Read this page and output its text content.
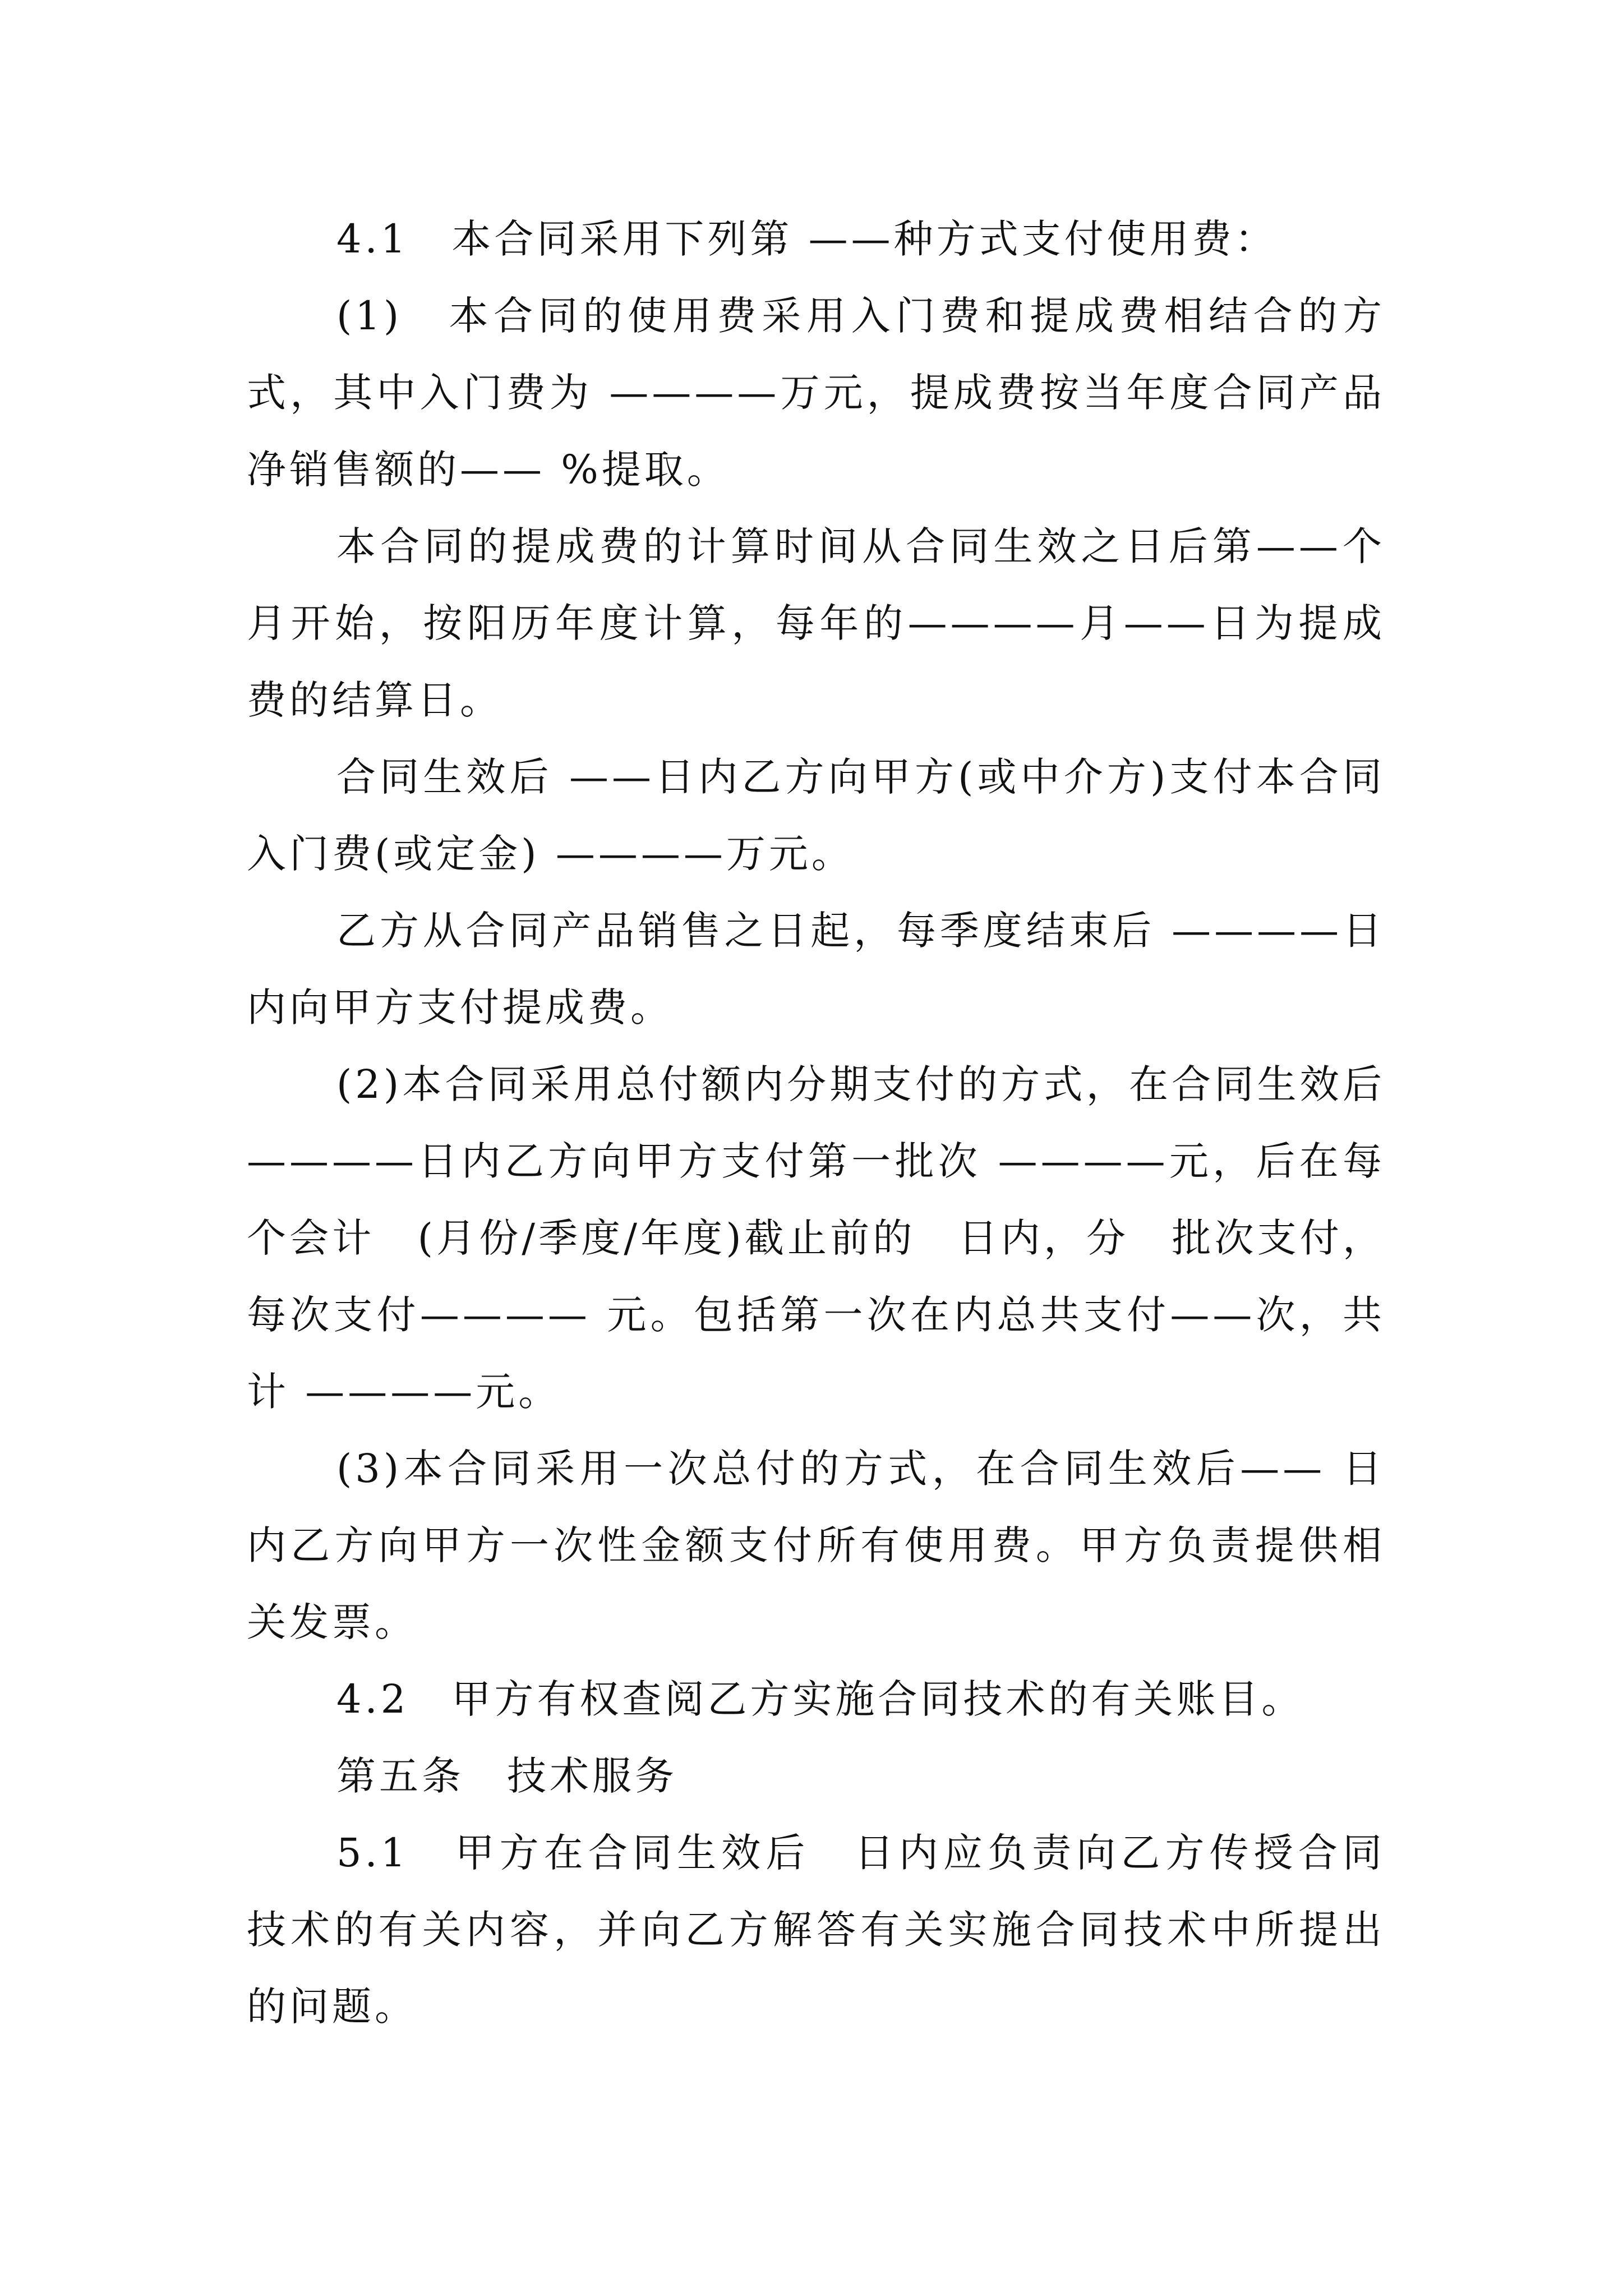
4.1　本合同采用下列第 ——种方式支付使用费：

(1)　本合同的使用费采用入门费和提成费相结合的方式，其中入门费为 ————万元，提成费按当年度合同产品净销售额的—— %提取。

本合同的提成费的计算时间从合同生效之日后第——个月开始，按阳历年度计算，每年的————月——日为提成费的结算日。

合同生效后 ——日内乙方向甲方(或中介方)支付本合同入门费(或定金) ————万元。

乙方从合同产品销售之日起，每季度结束后 ————日内向甲方支付提成费。

(2)本合同采用总付额内分期支付的方式，在合同生效后 ————日内乙方向甲方支付第一批次 ————元，后在每个会计　(月份/季度/年度)截止前的　日内，分　批次支付，每次支付———— 元。包括第一次在内总共支付——次，共计 ————元。

(3)本合同采用一次总付的方式，在合同生效后—— 日内乙方向甲方一次性金额支付所有使用费。甲方负责提供相关发票。

4.2　甲方有权查阅乙方实施合同技术的有关账目。

第五条　技术服务

5.1　甲方在合同生效后　日内应负责向乙方传授合同技术的有关内容，并向乙方解答有关实施合同技术中所提出的问题。
